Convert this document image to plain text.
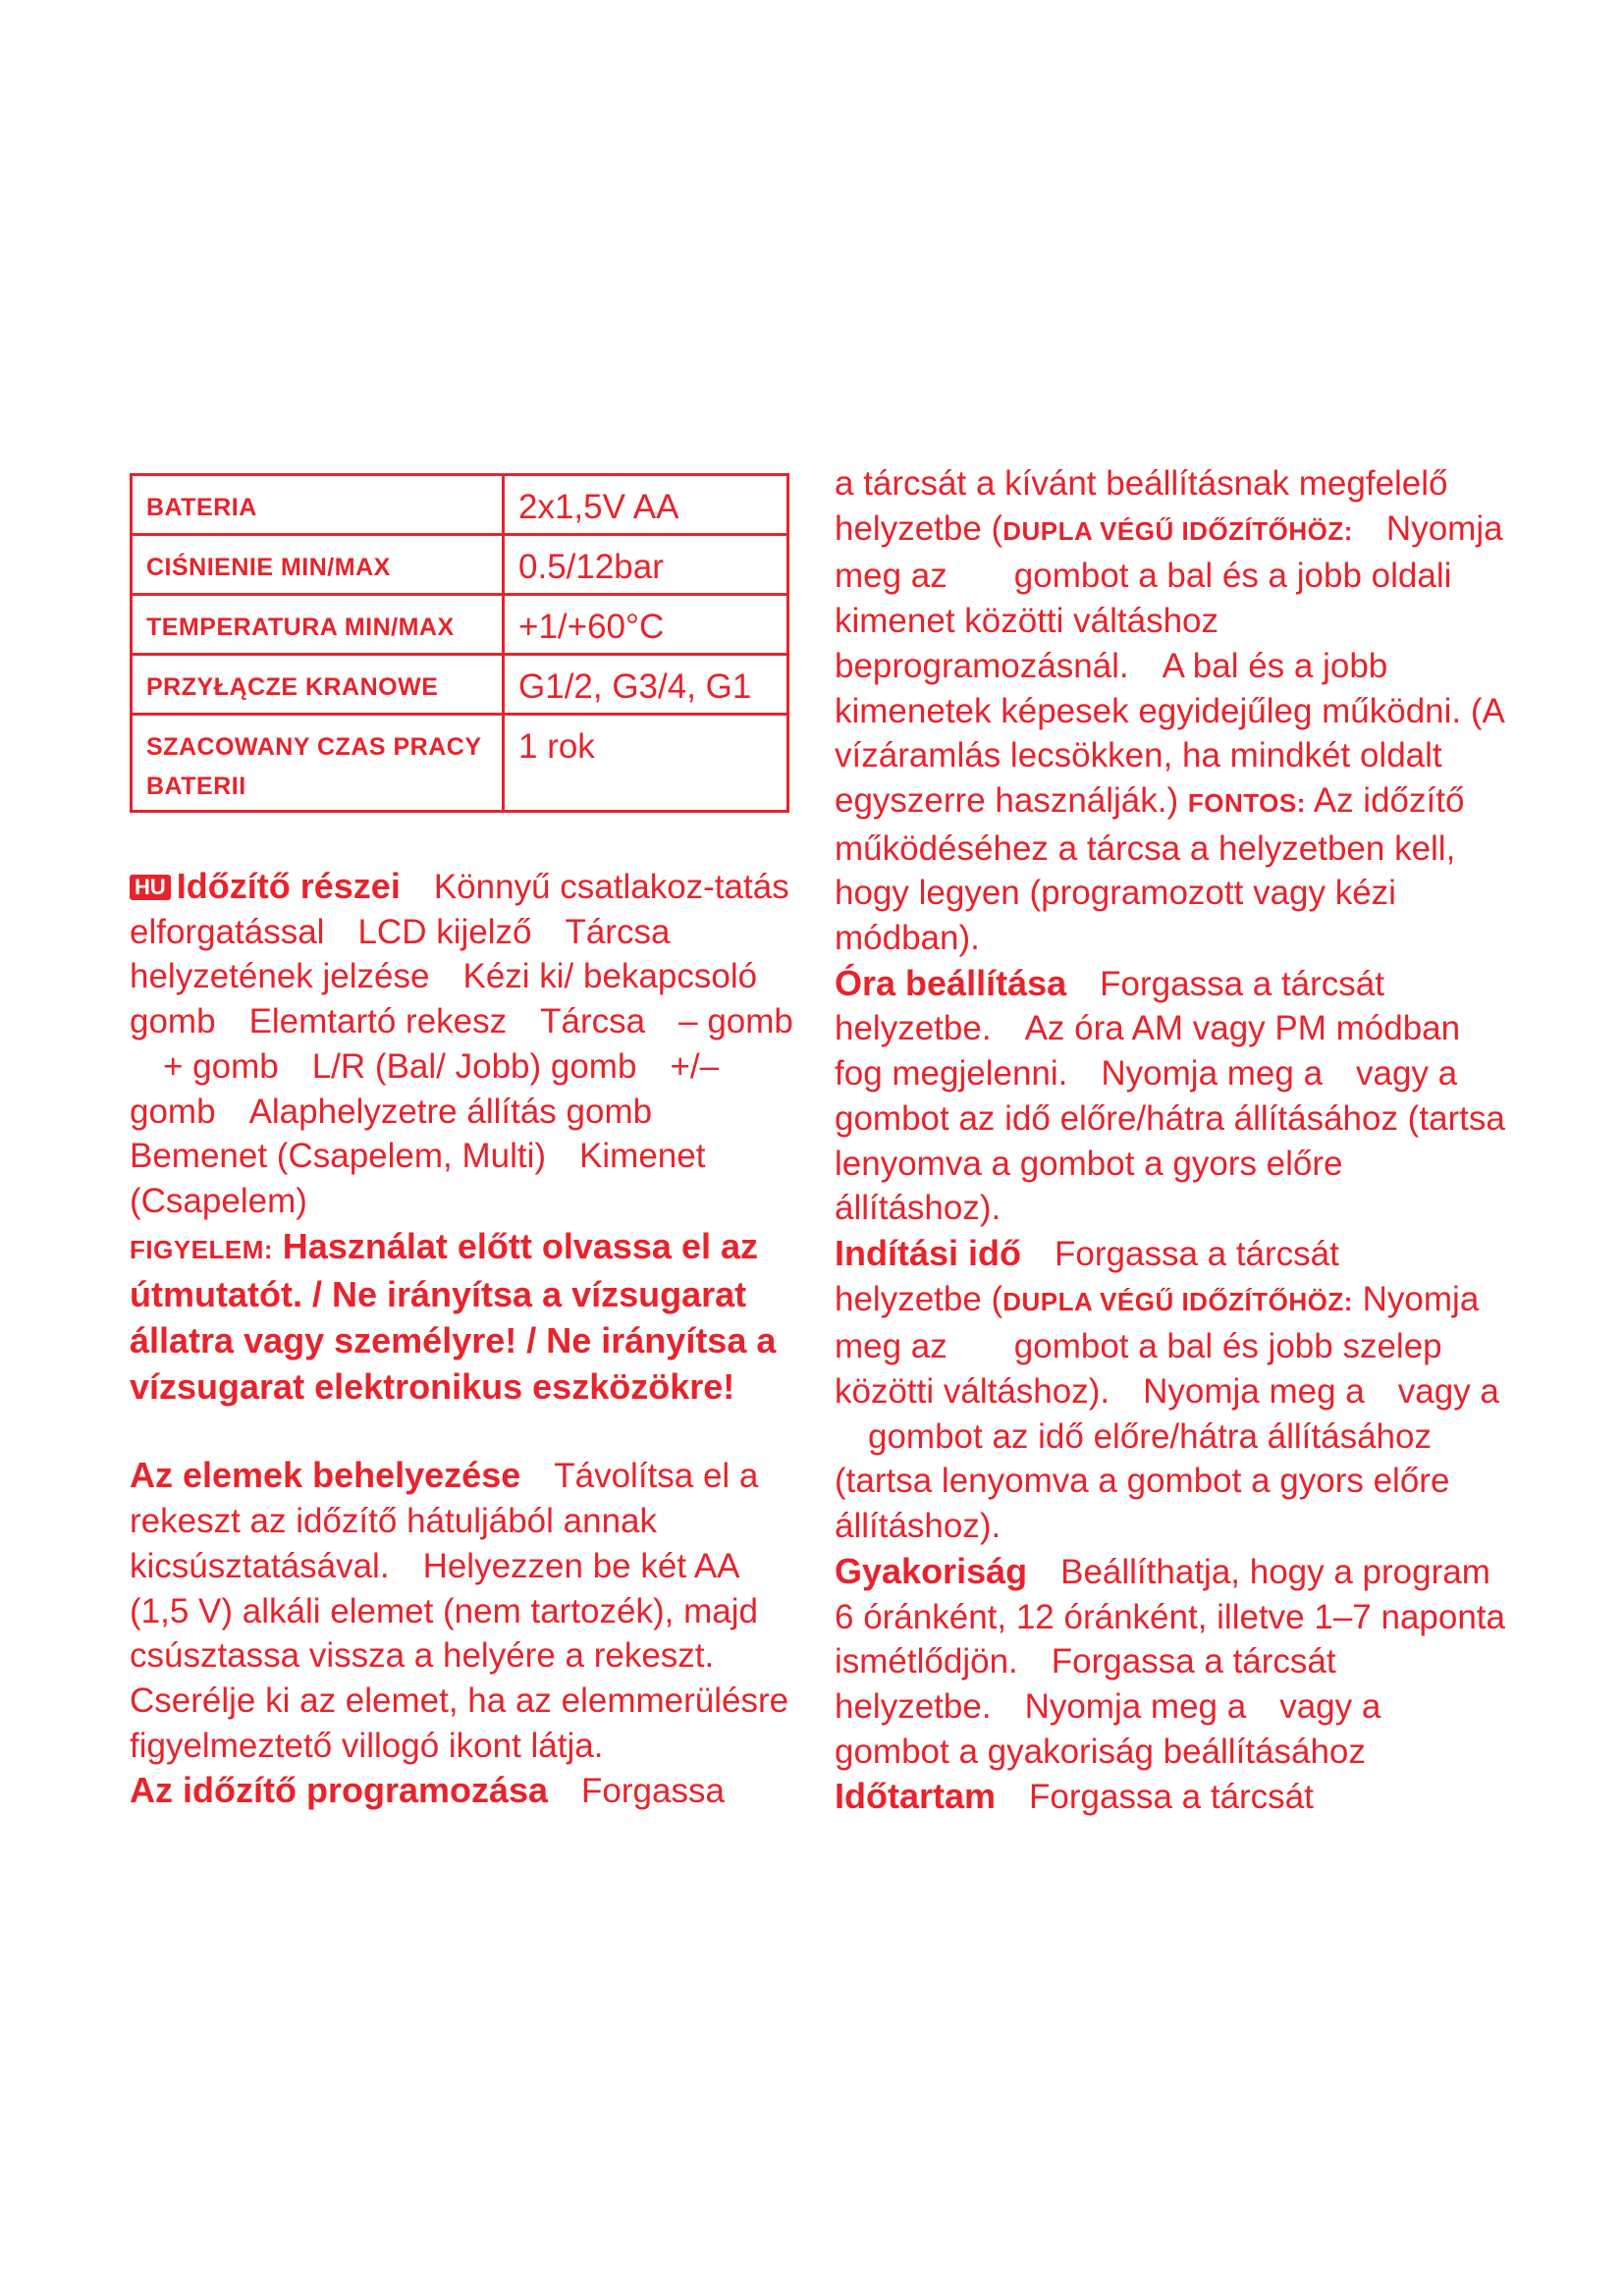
BATERIA	2x1,5V AA
CIŚNIENIE MIN/MAX	0.5/12bar
TEMPERATURA MIN/MAX	+1/+60°C
PRZYŁĄCZE KRANOWE	G1/2, G3/4, G1
SZACOWANY CZAS PRACY BATERII	1 rok

HU Időzítő részei Könnyű csatlakoz-tatás elforgatással LCD kijelző Tárcsa helyzetének jelzése Kézi ki/ bekapcsoló gomb Elemtartó rekesz Tárcsa – gomb+ gomb L/R (Bal/ Jobb) gomb +/– gomb Alaphelyzetre állítás gombBemenet (Csapelem, Multi) Kimenet (Csapelem)

FIGYELEM: Használat előtt olvassa el az útmutatót. / Ne irányítsa a vízsugarat állatra vagy személyre! / Ne irányítsa a vízsugarat elektronikus eszközökre!

Az elemek behelyezése Távolítsa el a rekeszt az időzítő hátuljából annak kicsúsztatásával. Helyezzen be két AA (1,5 V) alkáli elemet (nem tartozék), majd csúsztassa vissza a helyére a rekeszt.Cserélje ki az elemet, ha az elemmerülésre figyelmeztető villogó ikont látja.

Az időzítő programozása Forgassa

a tárcsát a kívánt beállításnak megfelelő helyzetbe (DUPLA VÉGŰ IDŐZÍTŐHÖZ: Nyomja meg az gombot a bal és a jobb oldali kimenet közötti váltáshoz beprogramozásnál. A bal és a jobb kimenetek képesek egyidejűleg működni. (A vízáramlás lecsökken, ha mindkét oldalt egyszerre használják.) FONTOS: Az időzítő működéséhez a tárcsa a helyzetben kell, hogy legyen (programozott vagy kézi módban).

Óra beállítása Forgassa a tárcsáthelyzetbe. Az óra AM vagy PM módban fog megjelenni. Nyomja meg a vagy agombot az idő előre/hátra állításához (tartsa lenyomva a gombot a gyors előre állításhoz).

Indítási idő Forgassa a tárcsáthelyzetbe (DUPLA VÉGŰ IDŐZÍTŐHÖZ: Nyomja meg az gombot a bal és jobb szelep közötti váltáshoz). Nyomja meg a vagy agombot az idő előre/hátra állításához (tartsa lenyomva a gombot a gyors előre állításhoz).

Gyakoriság Beállíthatja, hogy a program 6 óránként, 12 óránként, illetve 1–7 naponta ismétlődjön. Forgassa a tárcsáthelyzetbe. Nyomja meg a vagy agombot a gyakoriság beállításához

Időtartam Forgassa a tárcsát
